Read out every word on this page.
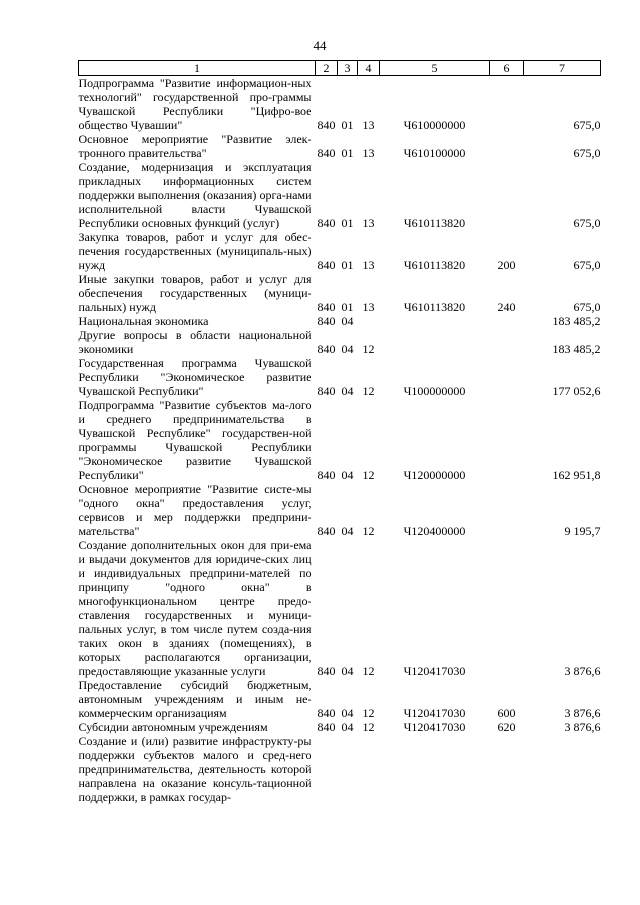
44
1	2	3	4	5	6	7
Подпрограмма "Развитие информацион-ных технологий" государственной про-граммы Чувашской Республики "Цифро-вое общество Чувашии"	840	01	13	Ч610000000		675,0
Основное мероприятие "Развитие элек-тронного правительства"	840	01	13	Ч610100000		675,0
Создание, модернизация и эксплуатация прикладных информационных систем поддержки выполнения (оказания) орга-нами исполнительной власти Чувашской Республики основных функций (услуг)	840	01	13	Ч610113820		675,0
Закупка товаров, работ и услуг для обес-печения государственных (муниципаль-ных) нужд	840	01	13	Ч610113820	200	675,0
Иные закупки товаров, работ и услуг для обеспечения государственных (муници-пальных) нужд	840	01	13	Ч610113820	240	675,0
Национальная экономика	840	04				183 485,2
Другие вопросы в области национальной экономики	840	04	12			183 485,2
Государственная программа Чувашской Республики "Экономическое развитие Чувашской Республики"	840	04	12	Ч100000000		177 052,6
Подпрограмма "Развитие субъектов ма-лого и среднего предпринимательства в Чувашской Республике" государствен-ной программы Чувашской Республики "Экономическое развитие Чувашской Республики"	840	04	12	Ч120000000		162 951,8
Основное мероприятие "Развитие систе-мы "одного окна" предоставления услуг, сервисов и мер поддержки предприни-мательства"	840	04	12	Ч120400000		9 195,7
Создание дополнительных окон для при-ема и выдачи документов для юридиче-ских лиц и индивидуальных предприни-мателей по принципу "одного окна" в многофункциональном центре предо-ставления государственных и муници-пальных услуг, в том числе путем созда-ния таких окон в зданиях (помещениях), в которых располагаются организации, предоставляющие указанные услуги	840	04	12	Ч120417030		3 876,6
Предоставление субсидий бюджетным, автономным учреждениям и иным не-коммерческим организациям	840	04	12	Ч120417030	600	3 876,6
Субсидии автономным учреждениям	840	04	12	Ч120417030	620	3 876,6
Создание и (или) развитие инфраструкту-ры поддержки субъектов малого и сред-него предпринимательства, деятельность которой направлена на оказание консуль-тационной поддержки, в рамках государ-						
